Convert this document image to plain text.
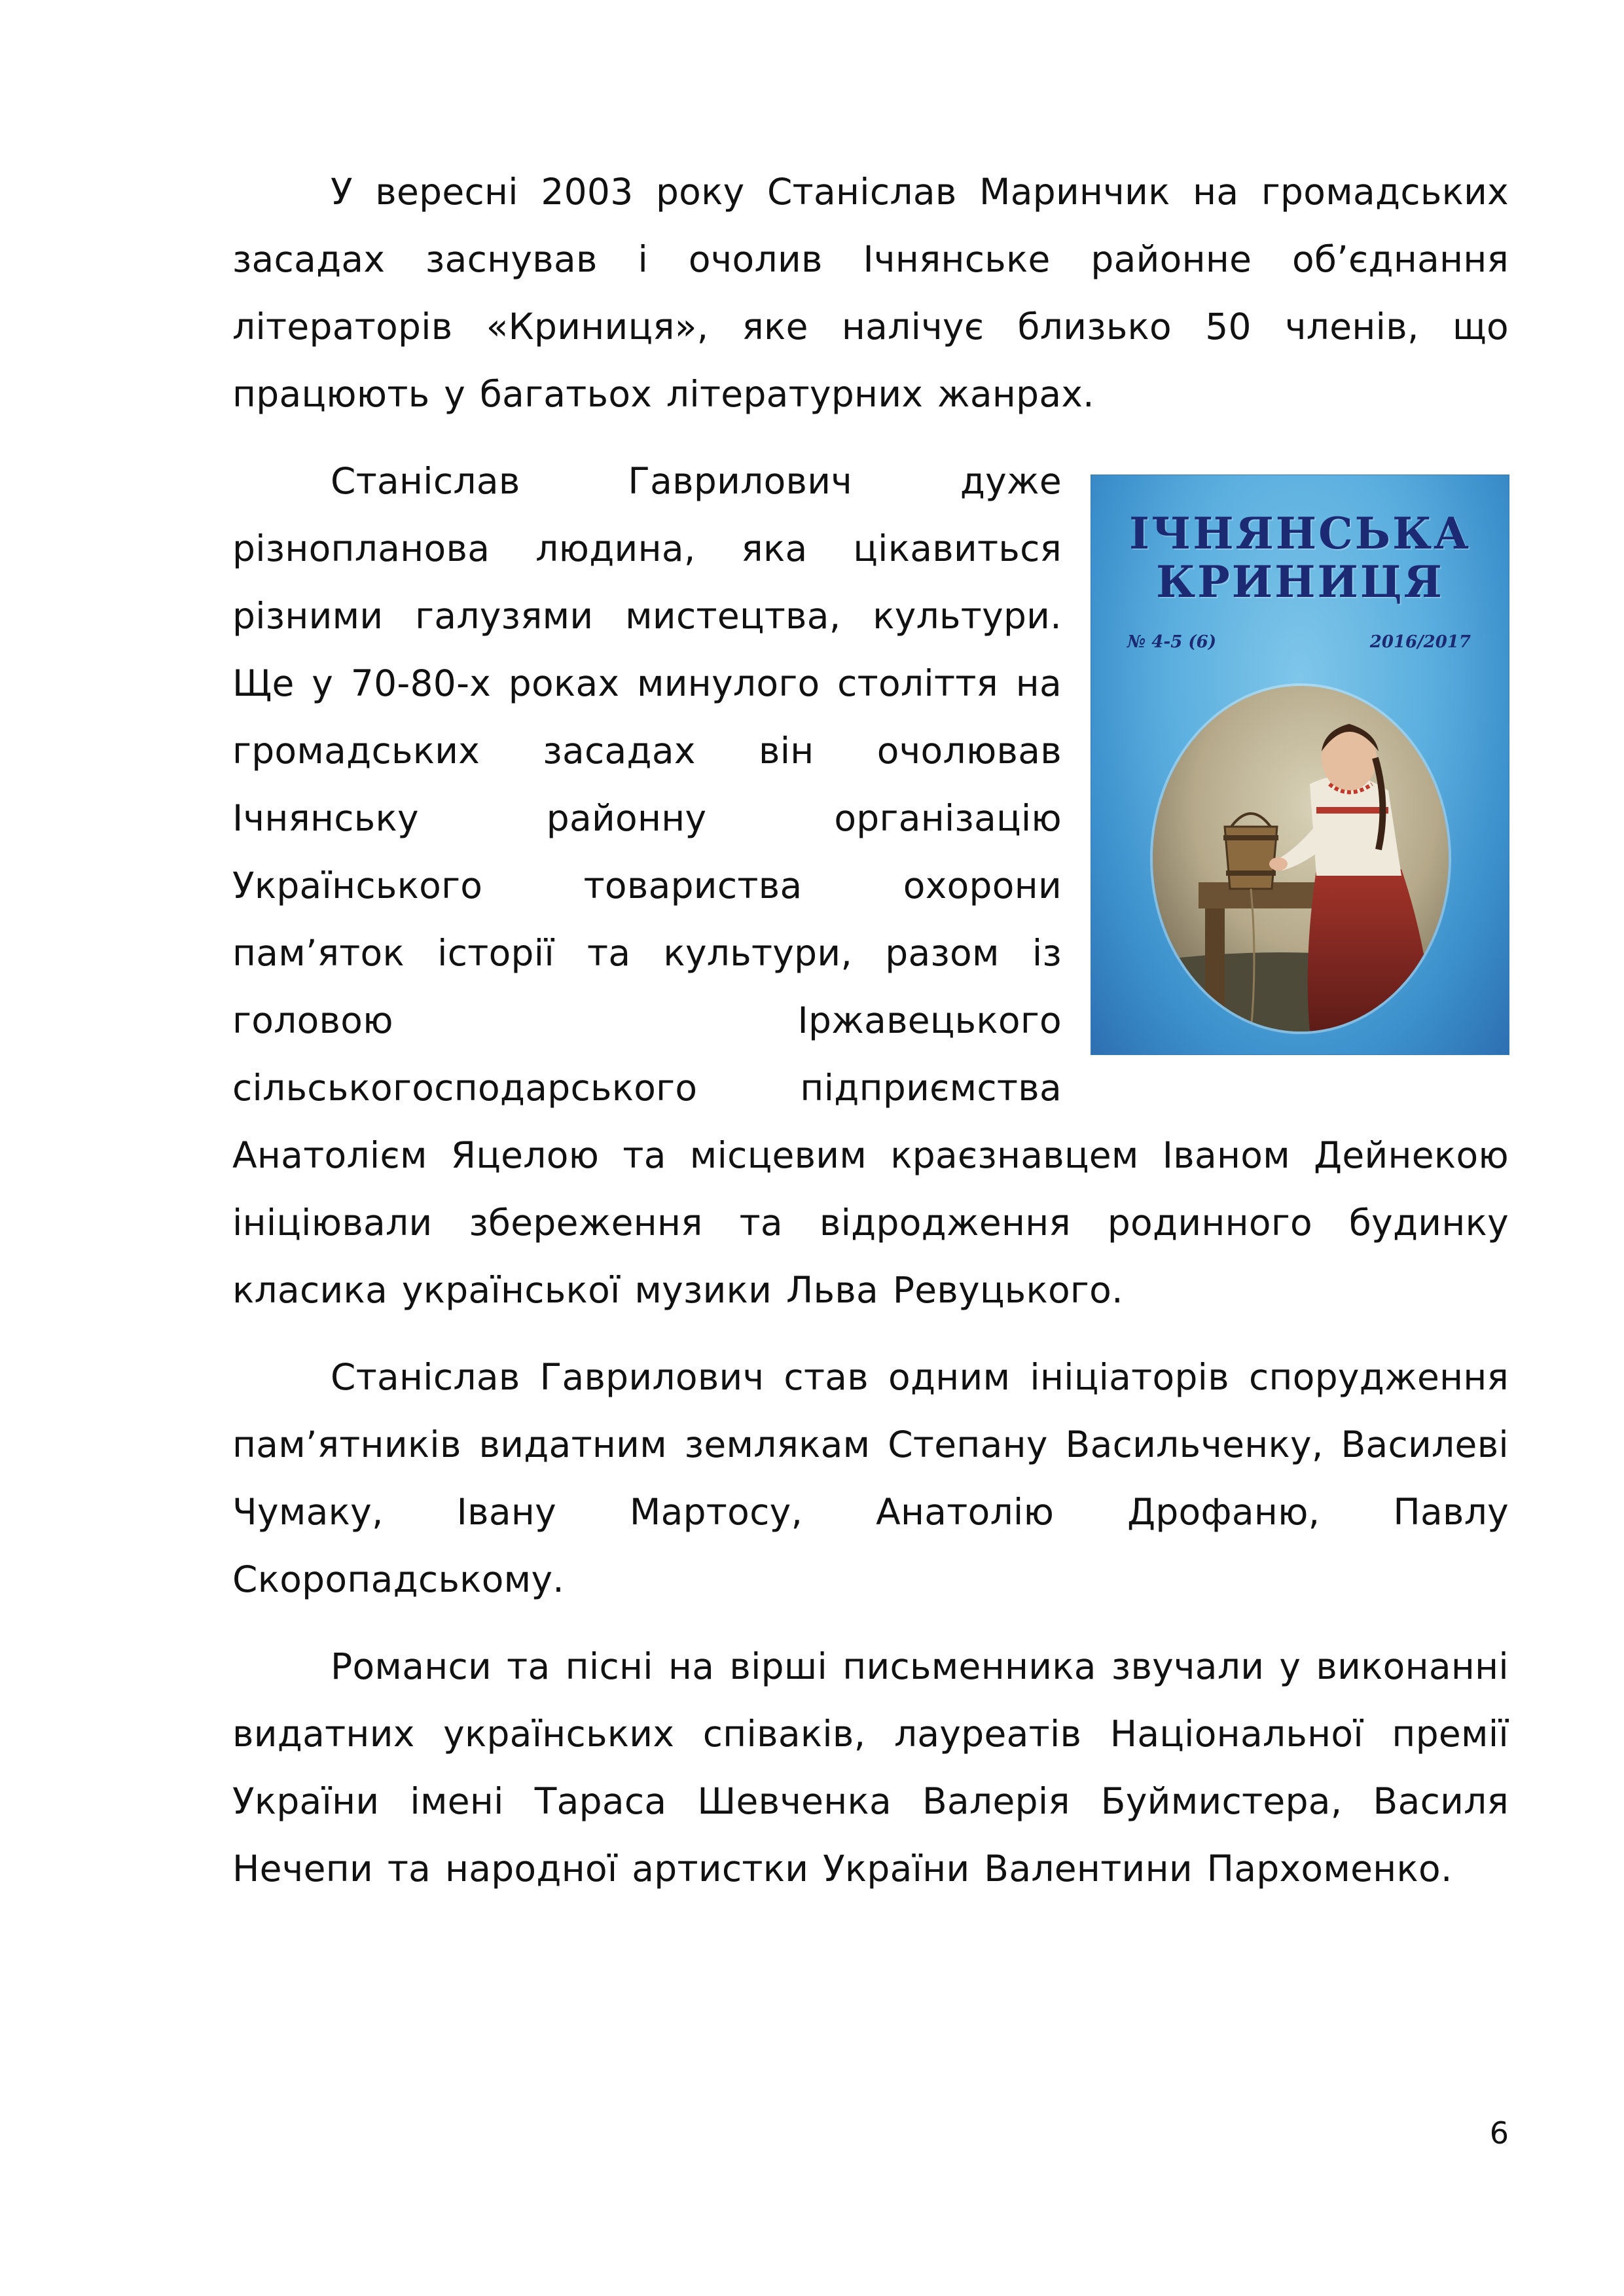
У вересні 2003 року Станіслав Маринчик на громадських засадах заснував і очолив Ічнянське районне об’єднання літераторів «Криниця», яке налічує близько 50 членів, що працюють у багатьох літературних жанрах.

ІЧНЯНСЬКА
КРИНИЦЯ
№ 4-5 (6)	2016/2017

Станіслав Гаврилович дуже різнопланова людина, яка цікавиться різними галузями мистецтва, культури. Ще у 70-80-х роках минулого століття на громадських засадах він очолював Ічнянську районну організацію Українського товариства охорони пам’яток історії та культури, разом із головою Іржавецького сільськогосподарського підприємства Анатолієм Яцелою та місцевим краєзнавцем Іваном Дейнекою ініціювали збереження та відродження родинного будинку класика української музики Льва Ревуцького.

Станіслав Гаврилович став одним ініціаторів спорудження пам’ятників видатним землякам Степану Васильченку, Василеві Чумаку, Івану Мартосу, Анатолію Дрофаню, Павлу Скоропадському.

Романси та пісні на вірші письменника звучали у виконанні видатних українських співаків, лауреатів Національної премії України імені Тараса Шевченка Валерія Буймистера, Василя Нечепи та народної артистки України Валентини Пархоменко.

6
